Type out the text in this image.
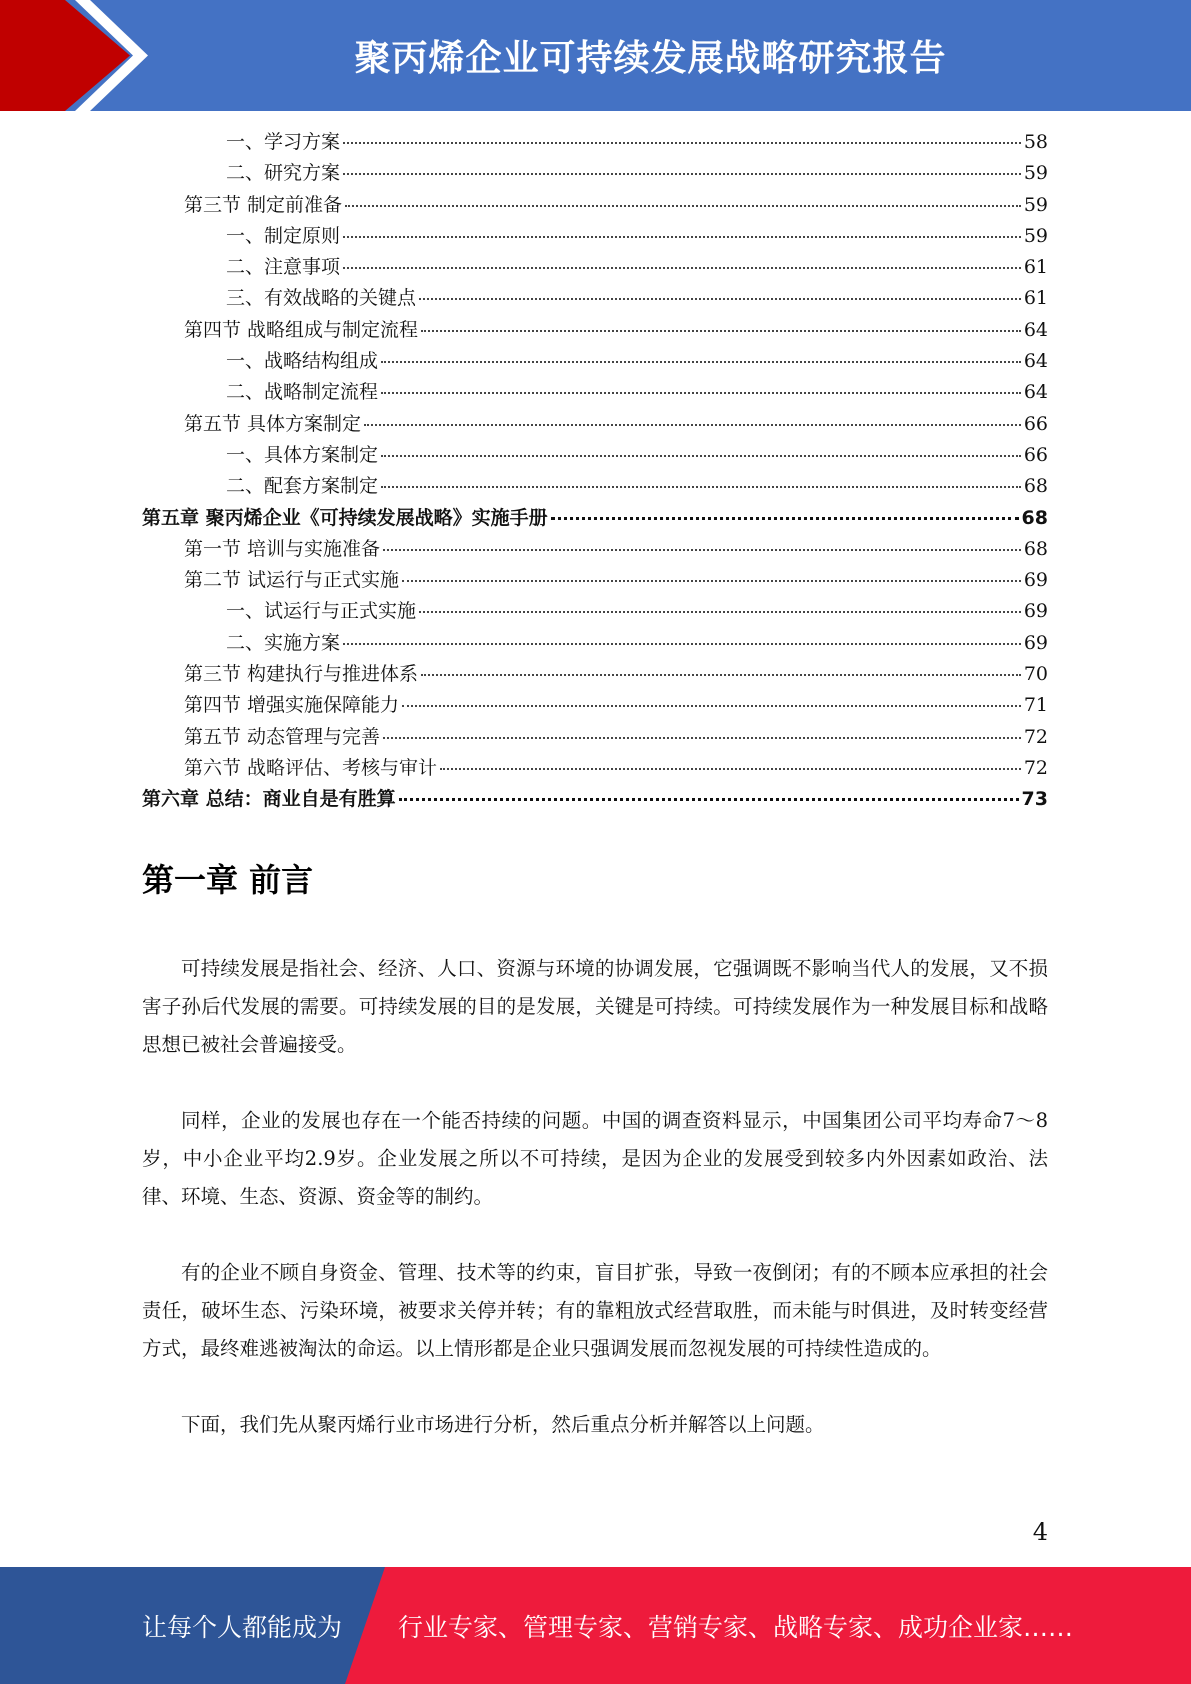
聚丙烯企业可持续发展战略研究报告
一、学习方案	58
二、研究方案	59
第三节 制定前准备	59
一、制定原则	59
二、注意事项	61
三、有效战略的关键点	61
第四节 战略组成与制定流程	64
一、战略结构组成	64
二、战略制定流程	64
第五节 具体方案制定	66
一、具体方案制定	66
二、配套方案制定	68
第五章 聚丙烯企业《可持续发展战略》实施手册	68
第一节 培训与实施准备	68
第二节 试运行与正式实施	69
一、试运行与正式实施	69
二、实施方案	69
第三节 构建执行与推进体系	70
第四节 增强实施保障能力	71
第五节 动态管理与完善	72
第六节 战略评估、考核与审计	72
第六章 总结：商业自是有胜算	73
第一章 前言

可持续发展是指社会、经济、人口、资源与环境的协调发展，它强调既不影响当代人的发展，又不损害子孙后代发展的需要。可持续发展的目的是发展，关键是可持续。可持续发展作为一种发展目标和战略思想已被社会普遍接受。

同样，企业的发展也存在一个能否持续的问题。中国的调查资料显示，中国集团公司平均寿命7～8岁，中小企业平均2.9岁。企业发展之所以不可持续，是因为企业的发展受到较多内外因素如政治、法律、环境、生态、资源、资金等的制约。

有的企业不顾自身资金、管理、技术等的约束，盲目扩张，导致一夜倒闭；有的不顾本应承担的社会责任，破坏生态、污染环境，被要求关停并转；有的靠粗放式经营取胜，而未能与时俱进，及时转变经营方式，最终难逃被淘汰的命运。以上情形都是企业只强调发展而忽视发展的可持续性造成的。

下面，我们先从聚丙烯行业市场进行分析，然后重点分析并解答以上问题。

4
让每个人都能成为 行业专家、管理专家、营销专家、战略专家、成功企业家……
